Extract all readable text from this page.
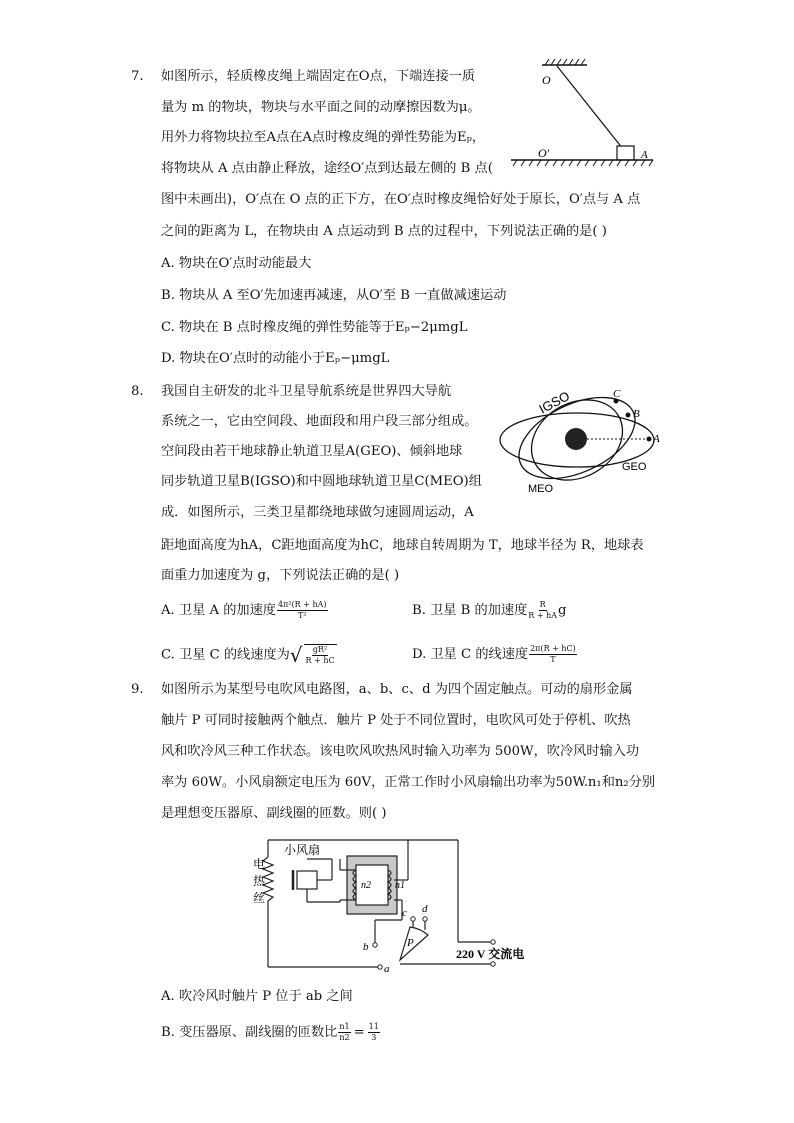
7. 如图所示，轻质橡皮绳上端固定在O点，下端连接一质
量为 m 的物块，物块与水平面之间的动摩擦因数为μ。
用外力将物块拉至A点在A点时橡皮绳的弹性势能为Eₚ，
将物块从 A 点由静止释放，途经O′点到达最左侧的 B 点(
图中未画出)，O′点在 O 点的正下方，在O′点时橡皮绳恰好处于原长，O′点与 A 点
之间的距离为 L，在物块由 A 点运动到 B 点的过程中，下列说法正确的是( )
A. 物块在O′点时动能最大
B. 物块从 A 至O′先加速再减速，从O′至 B 一直做减速运动
C. 物块在 B 点时橡皮绳的弹性势能等于Eₚ−2μmgL
D. 物块在O′点时的动能小于Eₚ−μmgL
O
O′	A
8. 我国自主研发的北斗卫星导航系统是世界四大导航
系统之一，它由空间段、地面段和用户段三部分组成。
空间段由若干地球静止轨道卫星A(GEO)、倾斜地球
同步轨道卫星B(IGSO)和中圆地球轨道卫星C(MEO)组
成．如图所示，三类卫星都绕地球做匀速圆周运动，A
距地面高度为hA，C距地面高度为hC，地球自转周期为 T，地球半径为 R，地球表
面重力加速度为 g，下列说法正确的是( )
A. 卫星 A 的加速度 $\frac{\text{4π²(R + hA)}}{\text{T²}}$	B. 卫星 B 的加速度 $\frac{R}{R + hA}$ g
C. 卫星 C 的线速度为 √ $\frac{\text{gR²}}{R + hC}$	D. 卫星 C 的线速度 $\frac{2\pi(R + hC)}{T}$
IGSO
GEO
MEO
A
B
C
9. 如图所示为某型号电吹风电路图，a、b、c、d 为四个固定触点。可动的扇形金属
触片 P 可同时接触两个触点．触片 P 处于不同位置时，电吹风可处于停机、吹热
风和吹冷风三种工作状态。该电吹风吹热风时输入功率为 500W，吹冷风时输入功
率为 60W。小风扇额定电压为 60V，正常工作时小风扇输出功率为50W.n₁和n₂分别
是理想变压器原、副线圈的匝数。则( )
小风扇
电
热
丝
n2 n1
b
a
c d
P
220 V 交流电
A. 吹冷风时触片 P 位于 ab 之间
B. 变压器原、副线圈的匝数比 $\frac{n1}{n2} = \frac{11}{3}$
